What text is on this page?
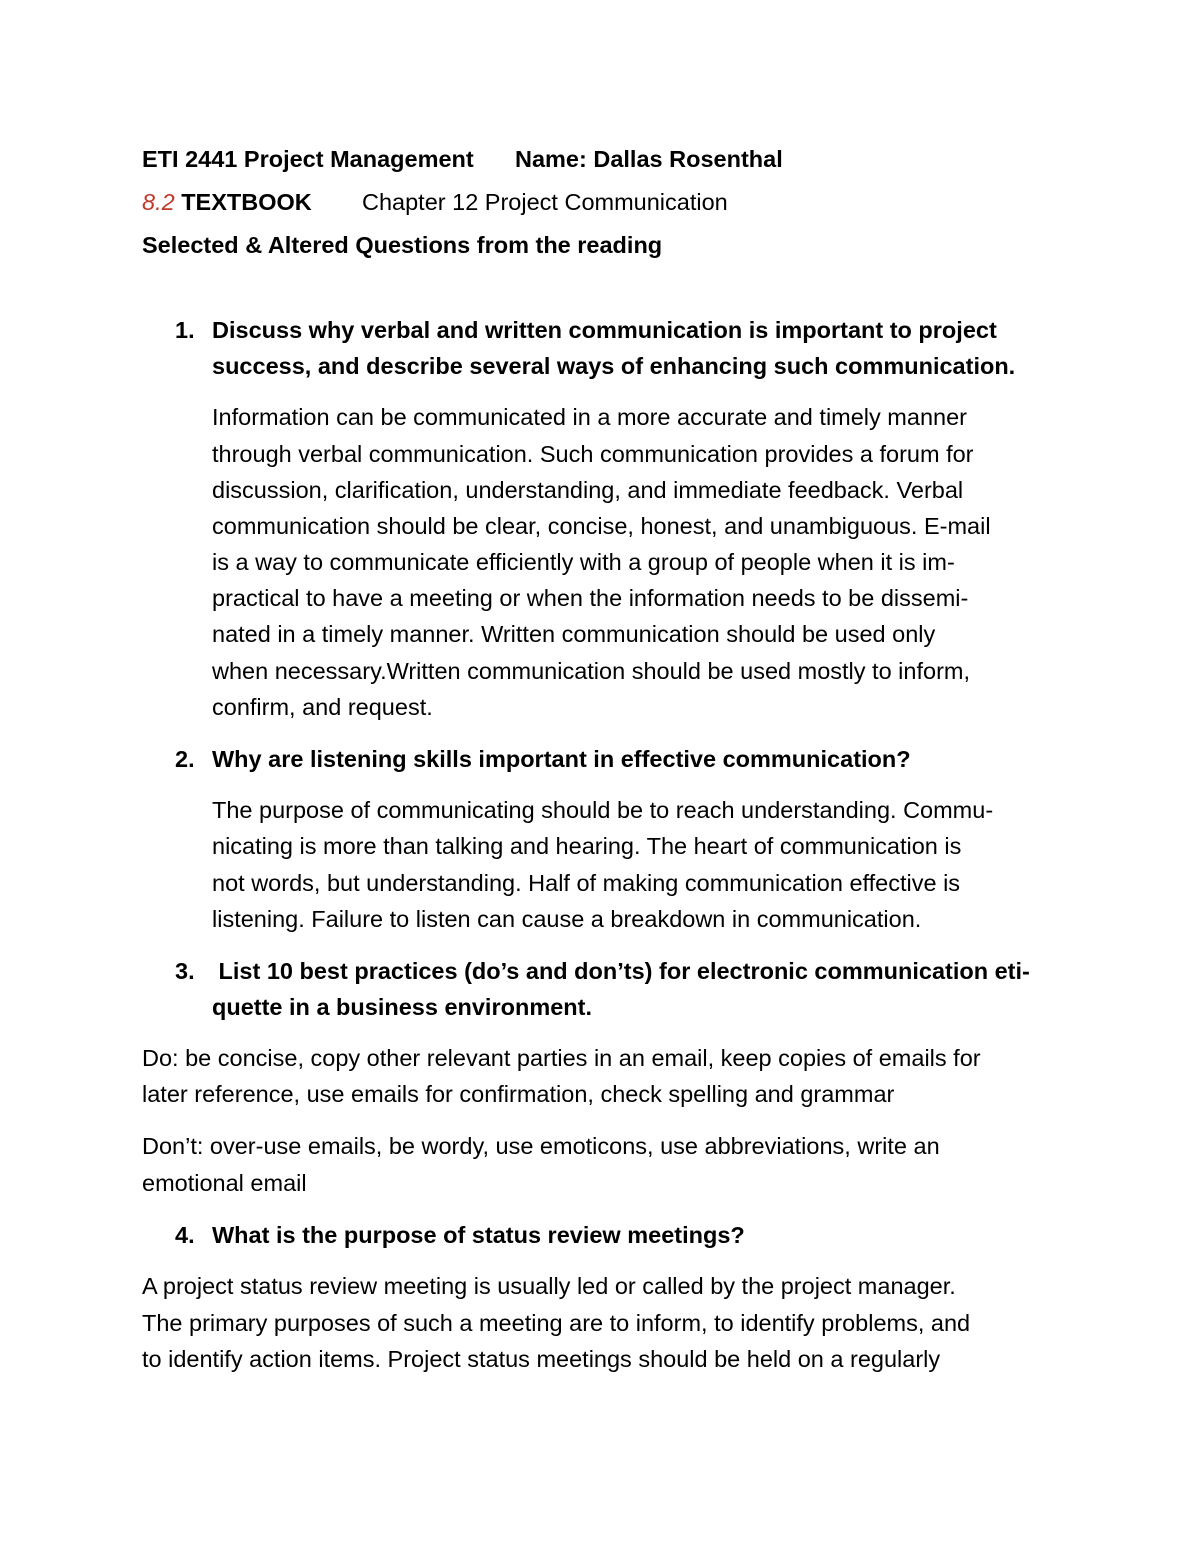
ETI 2441 Project Management Name: Dallas Rosenthal
8.2 TEXTBOOK Chapter 12 Project Communication
Selected & Altered Questions from the reading
1. Discuss why verbal and written communication is important to project
success, and describe several ways of enhancing such communication.
Information can be communicated in a more accurate and timely manner
through verbal communication. Such communication provides a forum for
discussion, clarification, understanding, and immediate feedback. Verbal
communication should be clear, concise, honest, and unambiguous. E-mail
is a way to communicate efficiently with a group of people when it is im-
practical to have a meeting or when the information needs to be dissemi-
nated in a timely manner. Written communication should be used only
when necessary.Written communication should be used mostly to inform,
confirm, and request.
2. Why are listening skills important in effective communication?
The purpose of communicating should be to reach understanding. Commu-
nicating is more than talking and hearing. The heart of communication is
not words, but understanding. Half of making communication effective is
listening. Failure to listen can cause a breakdown in communication.
3. List 10 best practices (do’s and don’ts) for electronic communication eti-
quette in a business environment.
Do: be concise, copy other relevant parties in an email, keep copies of emails for
later reference, use emails for confirmation, check spelling and grammar
Don’t: over-use emails, be wordy, use emoticons, use abbreviations, write an
emotional email
4. What is the purpose of status review meetings?
A project status review meeting is usually led or called by the project manager.
The primary purposes of such a meeting are to inform, to identify problems, and
to identify action items. Project status meetings should be held on a regularly
